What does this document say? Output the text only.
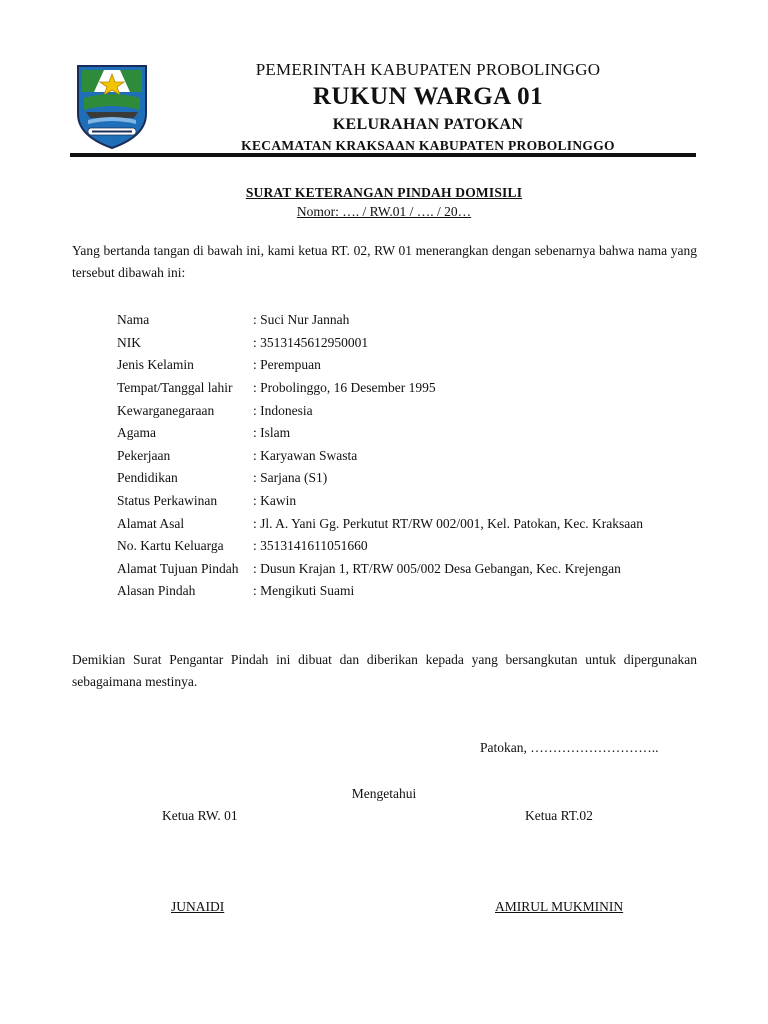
PEMERINTAH KABUPATEN PROBOLINGGO
RUKUN WARGA 01
KELURAHAN PATOKAN
KECAMATAN KRAKSAAN KABUPATEN PROBOLINGGO
SURAT KETERANGAN PINDAH DOMISILI
Nomor: …. / RW.01 / …. / 20…
Yang bertanda tangan di bawah ini, kami ketua RT. 02, RW 01 menerangkan dengan sebenarnya bahwa nama yang tersebut dibawah ini:
Nama	: Suci Nur Jannah
NIK	: 3513145612950001
Jenis Kelamin	: Perempuan
Tempat/Tanggal lahir	: Probolinggo, 16 Desember 1995
Kewarganegaraan	: Indonesia
Agama	: Islam
Pekerjaan	: Karyawan Swasta
Pendidikan	: Sarjana (S1)
Status Perkawinan	: Kawin
Alamat Asal	: Jl. A. Yani Gg. Perkutut RT/RW 002/001, Kel. Patokan, Kec. Kraksaan
No. Kartu Keluarga	: 3513141611051660
Alamat Tujuan Pindah	: Dusun Krajan 1, RT/RW 005/002 Desa Gebangan, Kec. Krejengan
Alasan Pindah	: Mengikuti Suami
Demikian Surat Pengantar Pindah ini dibuat dan diberikan kepada yang bersangkutan untuk dipergunakan sebagaimana mestinya.
Patokan, ………………………..
Mengetahui
Ketua RW. 01	Ketua RT.02
JUNAIDI	AMIRUL MUKMININ
